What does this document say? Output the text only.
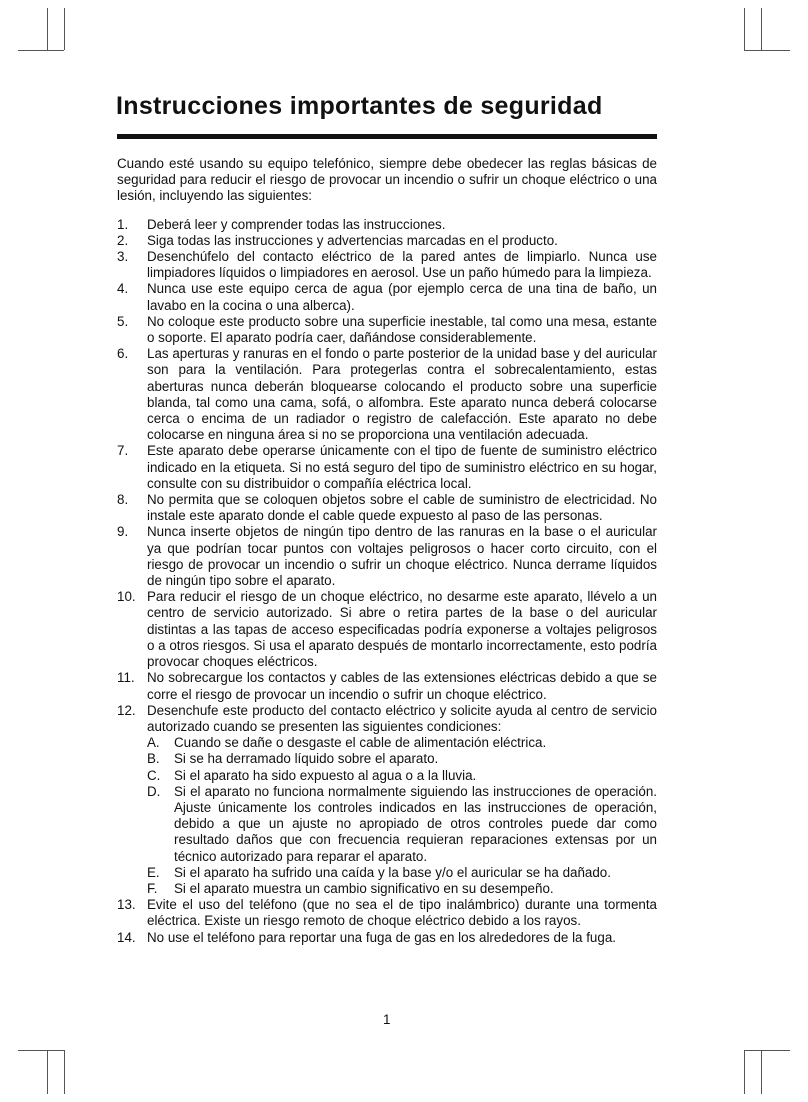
Instrucciones importantes de seguridad

Cuando esté usando su equipo telefónico, siempre debe obedecer las reglas básicas de seguridad para reducir el riesgo de provocar un incendio o sufrir un choque eléctrico o una lesión, incluyendo las siguientes:

1. Deberá leer y comprender todas las instrucciones.
2. Siga todas las instrucciones y advertencias marcadas en el producto.
3. Desenchúfelo del contacto eléctrico de la pared antes de limpiarlo. Nunca use limpiadores líquidos o limpiadores en aerosol. Use un paño húmedo para la limpieza.
4. Nunca use este equipo cerca de agua (por ejemplo cerca de una tina de baño, un lavabo en la cocina o una alberca).
5. No coloque este producto sobre una superficie inestable, tal como una mesa, estante o soporte. El aparato podría caer, dañándose considerablemente.
6. Las aperturas y ranuras en el fondo o parte posterior de la unidad base y del auricular son para la ventilación. Para protegerlas contra el sobrecalentamiento, estas aberturas nunca deberán bloquearse colocando el producto sobre una superficie blanda, tal como una cama, sofá, o alfombra. Este aparato nunca deberá colocarse cerca o encima de un radiador o registro de calefacción. Este aparato no debe colocarse en ninguna área si no se proporciona una ventilación adecuada.
7. Este aparato debe operarse únicamente con el tipo de fuente de suministro eléctrico indicado en la etiqueta. Si no está seguro del tipo de suministro eléctrico en su hogar, consulte con su distribuidor o compañía eléctrica local.
8. No permita que se coloquen objetos sobre el cable de suministro de electricidad. No instale este aparato donde el cable quede expuesto al paso de las personas.
9. Nunca inserte objetos de ningún tipo dentro de las ranuras en la base o el auricular ya que podrían tocar puntos con voltajes peligrosos o hacer corto circuito, con el riesgo de provocar un incendio o sufrir un choque eléctrico. Nunca derrame líquidos de ningún tipo sobre el aparato.
10. Para reducir el riesgo de un choque eléctrico, no desarme este aparato, llévelo a un centro de servicio autorizado. Si abre o retira partes de la base o del auricular distintas a las tapas de acceso especificadas podría exponerse a voltajes peligrosos o a otros riesgos. Si usa el aparato después de montarlo incorrectamente, esto podría provocar choques eléctricos.
11. No sobrecargue los contactos y cables de las extensiones eléctricas debido a que se corre el riesgo de provocar un incendio o sufrir un choque eléctrico.
12. Desenchufe este producto del contacto eléctrico y solicite ayuda al centro de servicio autorizado cuando se presenten las siguientes condiciones:
A. Cuando se dañe o desgaste el cable de alimentación eléctrica.
B. Si se ha derramado líquido sobre el aparato.
C. Si el aparato ha sido expuesto al agua o a la lluvia.
D. Si el aparato no funciona normalmente siguiendo las instrucciones de operación. Ajuste únicamente los controles indicados en las instrucciones de operación, debido a que un ajuste no apropiado de otros controles puede dar como resultado daños que con frecuencia requieran reparaciones extensas por un técnico autorizado para reparar el aparato.
E. Si el aparato ha sufrido una caída y la base y/o el auricular se ha dañado.
F. Si el aparato muestra un cambio significativo en su desempeño.
13. Evite el uso del teléfono (que no sea el de tipo inalámbrico) durante una tormenta eléctrica. Existe un riesgo remoto de choque eléctrico debido a los rayos.
14. No use el teléfono para reportar una fuga de gas en los alrededores de la fuga.
1
